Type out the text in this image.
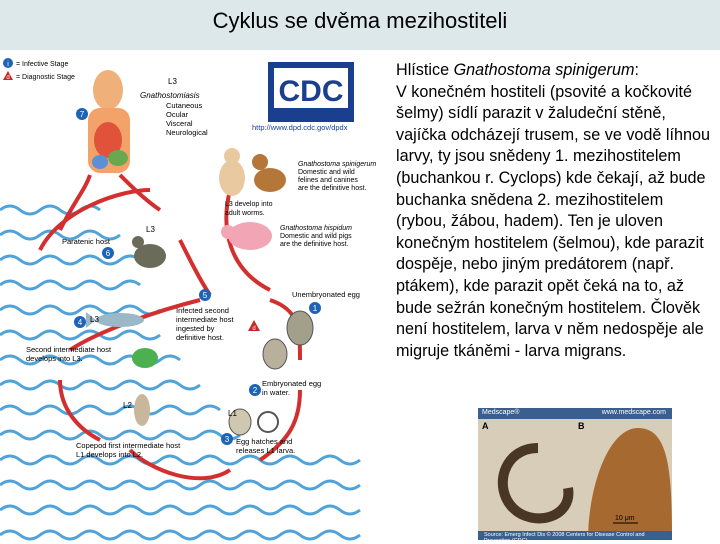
Cyklus se dvěma mezihostiteli
i = Infective Stage
d = Diagnostic Stage	L3
Gnathostomiasis
Cutaneous
Ocular
Visceral
Neurological
CDC
http://www.dpd.cdc.gov/dpdx
Gnathostoma spinigerum
Domestic and wild
felines and canines
are the definitive host.
L3 develop into
adult worms.
Gnathostoma hispidum
Domestic and wild pigs
are the definitive host.
L3
Paratenic host
L3
Second intermediate host
develops into L3.
L2
Copepod first intermediate host
L1 develops into L2.
Unembryonated egg
d
Embryonated egg
in water.
L1
Egg hatches and
releases L1 larva.
Infected second
intermediate host
ingested by
definitive host.
1
2
3
4
5
6
7

Hlístice Gnathostoma spinigerum:

V konečném hostiteli (psovité a kočkovité šelmy) sídlí parazit v žaludeční stěně, vajíčka odcházejí trusem, se ve vodě líhnou larvy, ty jsou snědeny 1. mezihostitelem (buchankou r. Cyclops) kde čekají, až bude buchanka snědena 2. mezihostitelem (rybou, žábou, hadem). Ten je uloven konečným hostitelem (šelmou), kde parazit dospěje, nebo jiným predátorem (např. ptákem), kde parazit opět čeká na to, až bude sežrán konečným hostitelem. Člověk není hostitelem, larva v něm nedospěje ale migruje tkáněmi - larva migrans.

Medscape®	www.medscape.com
A	B
10 μm
Source: Emerg Infect Dis © 2008 Centers for Disease Control and Prevention (CDC)
